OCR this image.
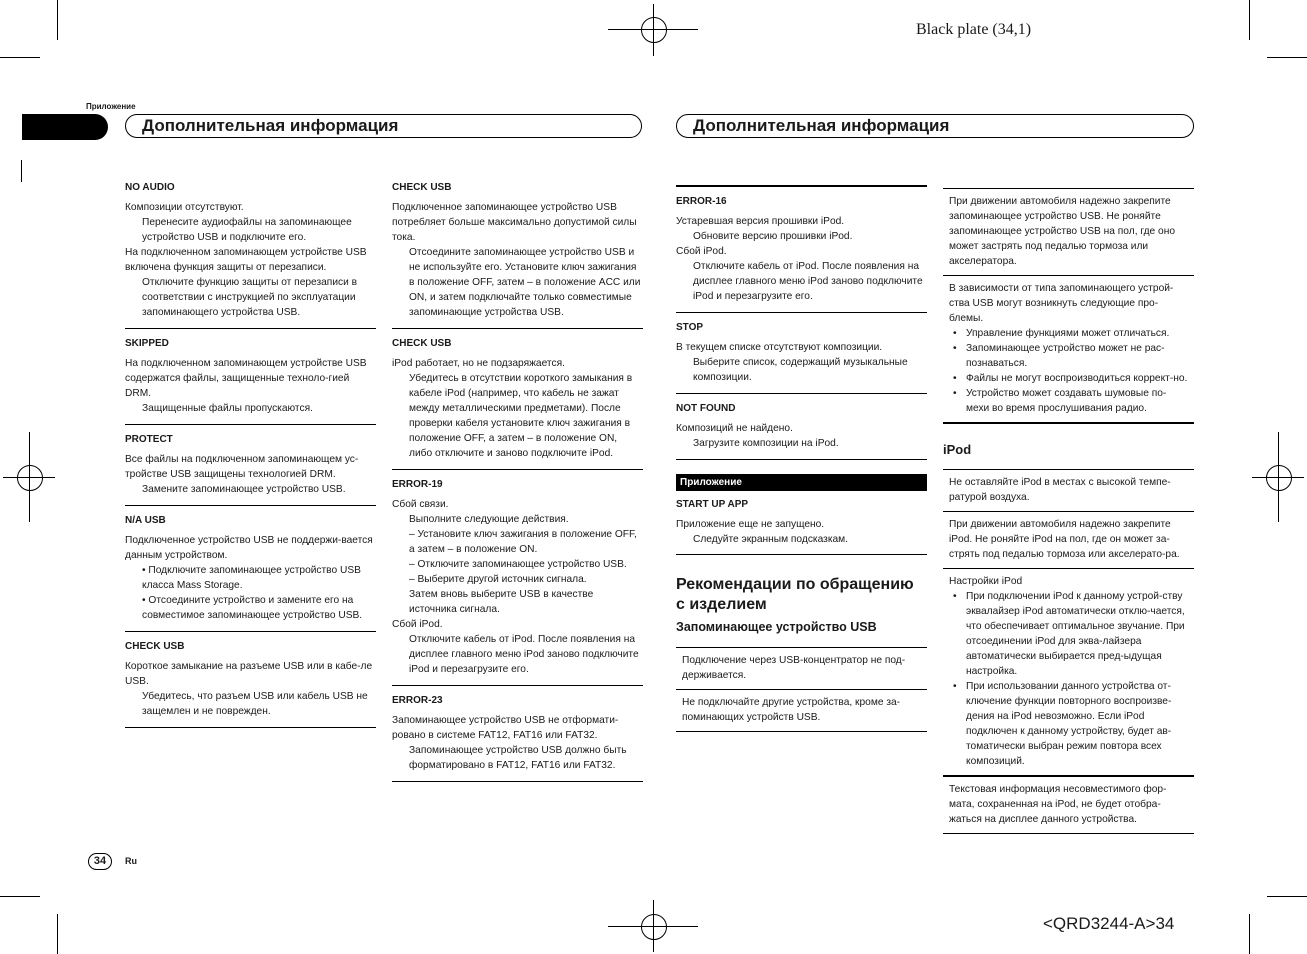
Black plate (34,1)
<QRD3244-A>34
Приложение
Дополнительная информация	Дополнительная информация
NO AUDIO

Композиции отсутствуют.

Перенесите аудиофайлы на запоминающее устройство USB и подключите его.

На подключенном запоминающем устройстве USB включена функция защиты от перезаписи.

Отключите функцию защиты от перезаписи в соответствии с инструкцией по эксплуатации запоминающего устройства USB.

SKIPPED

На подключенном запоминающем устройстве USB содержатся файлы, защищенные техноло-гией DRM.

Защищенные файлы пропускаются.

PROTECT

Все файлы на подключенном запоминающем ус-тройстве USB защищены технологией DRM.

Замените запоминающее устройство USB.

N/A USB

Подключенное устройство USB не поддержи-вается данным устройством.

• Подключите запоминающее устройство USB класса Mass Storage.

• Отсоедините устройство и замените его на совместимое запоминающее устройство USB.

CHECK USB

Короткое замыкание на разъеме USB или в кабе-ле USB.

Убедитесь, что разъем USB или кабель USB не защемлен и не поврежден.

CHECK USB

Подключенное запоминающее устройство USB потребляет больше максимально допустимой силы тока.

Отсоедините запоминающее устройство USB и не используйте его. Установите ключ зажигания в положение OFF, затем – в положение ACC или ON, и затем подключайте только совместимые запоминающие устройства USB.

CHECK USB

iPod работает, но не подзаряжается.

Убедитесь в отсутствии короткого замыкания в кабеле iPod (например, что кабель не зажат между металлическими предметами). После проверки кабеля установите ключ зажигания в положение OFF, а затем – в положение ON, либо отключите и заново подключите iPod.

ERROR-19

Сбой связи.

Выполните следующие действия.

– Установите ключ зажигания в положение OFF, а затем – в положение ON.

– Отключите запоминающее устройство USB.

– Выберите другой источник сигнала.

Затем вновь выберите USB в качестве источника сигнала.

Сбой iPod.

Отключите кабель от iPod. После появления на дисплее главного меню iPod заново подключите iPod и перезагрузите его.

ERROR-23

Запоминающее устройство USB не отформати-ровано в системе FAT12, FAT16 или FAT32.

Запоминающее устройство USB должно быть форматировано в FAT12, FAT16 или FAT32.

ERROR-16

Устаревшая версия прошивки iPod.

Обновите версию прошивки iPod.

Сбой iPod.

Отключите кабель от iPod. После появления на дисплее главного меню iPod заново подключите iPod и перезагрузите его.

STOP

В текущем списке отсутствуют композиции.

Выберите список, содержащий музыкальные композиции.

NOT FOUND

Композиций не найдено.

Загрузите композиции на iPod.

Приложение
START UP APP

Приложение еще не запущено.

Следуйте экранным подсказкам.

Рекомендации по обращению с изделием
Запоминающее устройство USB

Подключение через USB-концентратор не под-держивается.

Не подключайте другие устройства, кроме за-поминающих устройств USB.

При движении автомобиля надежно закрепите запоминающее устройство USB. Не роняйте запоминающее устройство USB на пол, где оно может застрять под педалью тормоза или акселератора.

В зависимости от типа запоминающего устрой-ства USB могут возникнуть следующие про-блемы.

• Управление функциями может отличаться.
• Запоминающее устройство может не рас-познаваться.
• Файлы не могут воспроизводиться коррект-но.
• Устройство может создавать шумовые по-мехи во время прослушивания радио.
iPod

Не оставляйте iPod в местах с высокой темпе-ратурой воздуха.

При движении автомобиля надежно закрепите iPod. Не роняйте iPod на пол, где он может за-стрять под педалью тормоза или акселерато-ра.

Настройки iPod

• При подключении iPod к данному устрой-ству эквалайзер iPod автоматически отклю-чается, что обеспечивает оптимальное звучание. При отсоединении iPod для эква-лайзера автоматически выбирается пред-ыдущая настройка.
• При использовании данного устройства от-ключение функции повторного воспроизве-дения на iPod невозможно. Если iPod подключен к данному устройству, будет ав-томатически выбран режим повтора всех композиций.

Текстовая информация несовместимого фор-мата, сохраненная на iPod, не будет отобра-жаться на дисплее данного устройства.

34	Ru
